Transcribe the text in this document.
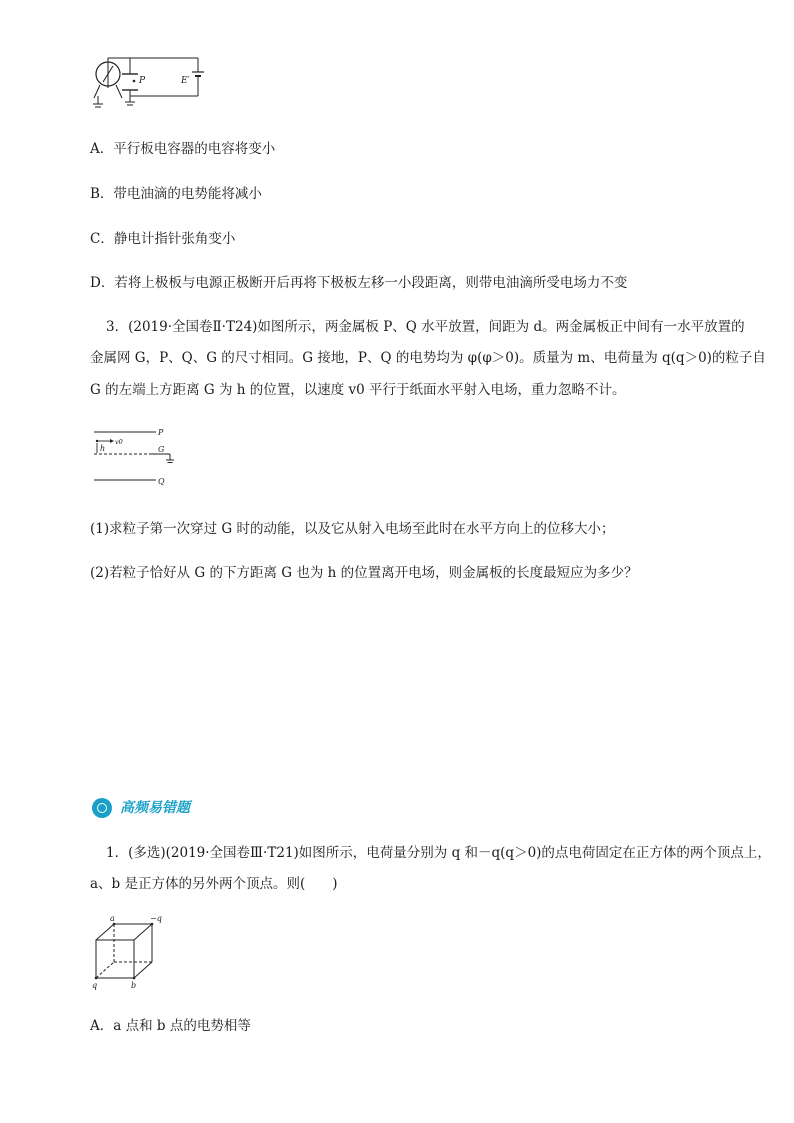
P	E′
A．平行板电容器的电容将变小
B．带电油滴的电势能将减小
C．静电计指针张角变小
D．若将上极板与电源正极断开后再将下极板左移一小段距离，则带电油滴所受电场力不变
3．(2019·全国卷Ⅱ·T24)如图所示，两金属板 P、Q 水平放置，间距为 d。两金属板正中间有一水平放置的
金属网 G，P、Q、G 的尺寸相同。G 接地，P、Q 的电势均为 φ(φ＞0)。质量为 m、电荷量为 q(q＞0)的粒子自
G 的左端上方距离 G 为 h 的位置，以速度 v0 平行于纸面水平射入电场，重力忽略不计。
P
v0
h	G
Q
(1)求粒子第一次穿过 G 时的动能，以及它从射入电场至此时在水平方向上的位移大小；
(2)若粒子恰好从 G 的下方距离 G 也为 h 的位置离开电场，则金属板的长度最短应为多少？
高频易错题
1．(多选)(2019·全国卷Ⅲ·T21)如图所示，电荷量分别为 q 和－q(q＞0)的点电荷固定在正方体的两个顶点上，
a、b 是正方体的另外两个顶点。则(　　)
a	−q
q	b
A．a 点和 b 点的电势相等
